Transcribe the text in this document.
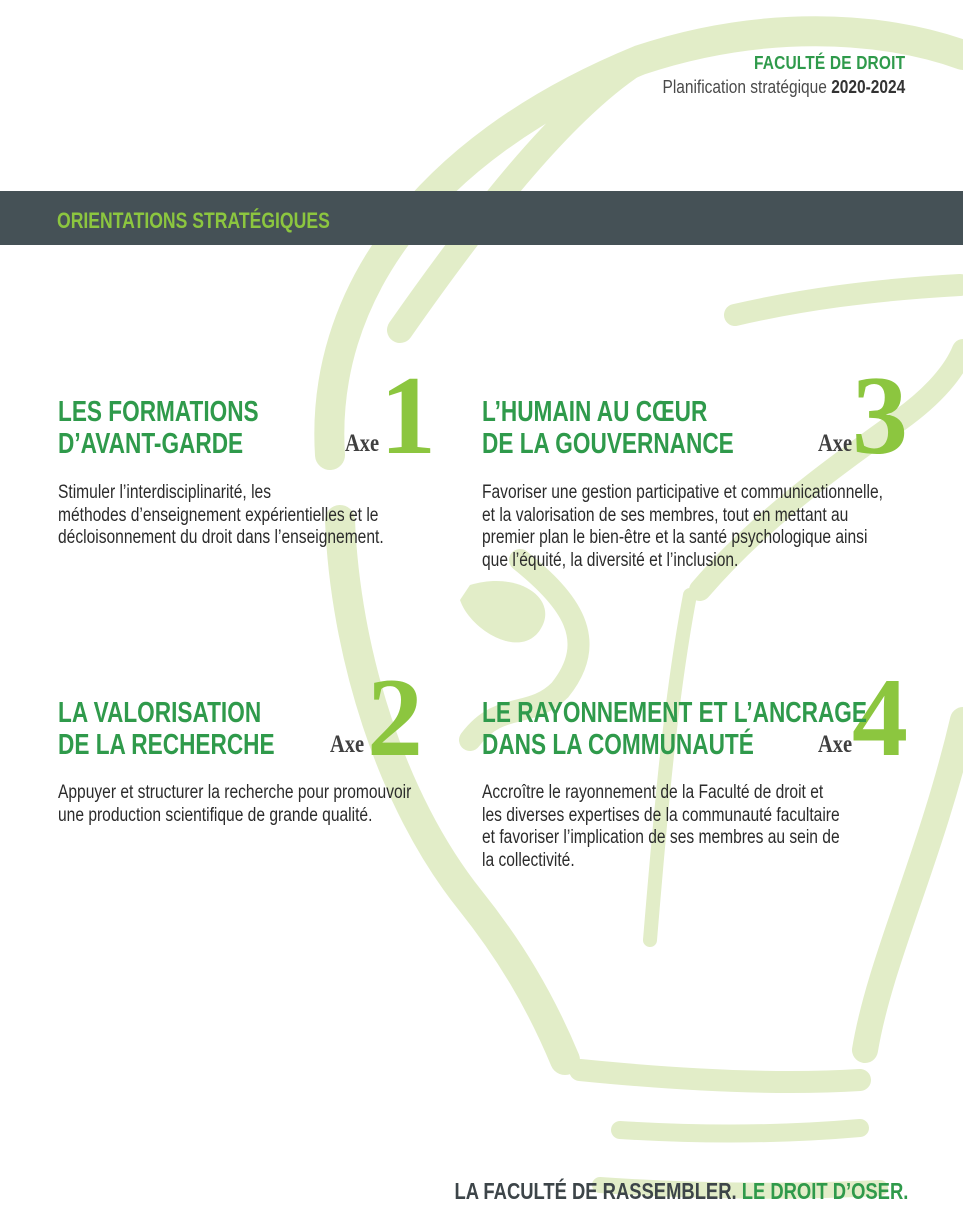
FACULTÉ DE DROIT
Planification stratégique 2020-2024
ORIENTATIONS STRATÉGIQUES
LES FORMATIONS
D’AVANT-GARDE	Axe 1
Stimuler l’interdisciplinarité, les
méthodes d’enseignement expérientielles et le
décloisonnement du droit dans l’enseignement.
LA VALORISATION
DE LA RECHERCHE Axe 2
Appuyer et structurer la recherche pour promouvoir
une production scientifique de grande qualité.
L’HUMAIN AU CŒUR
DE LA GOUVERNANCE	Axe 3
Favoriser une gestion participative et communicationnelle,
et la valorisation de ses membres, tout en mettant au
premier plan le bien-être et la santé psychologique ainsi
que l’équité, la diversité et l’inclusion.
LE RAYONNEMENT ET L’ANCRAGE
DANS LA COMMUNAUTÉ	Axe 4
Accroître le rayonnement de la Faculté de droit et
les diverses expertises de la communauté facultaire
et favoriser l’implication de ses membres au sein de
la collectivité.
LA FACULTÉ DE RASSEMBLER. LE DROIT D’OSER.
